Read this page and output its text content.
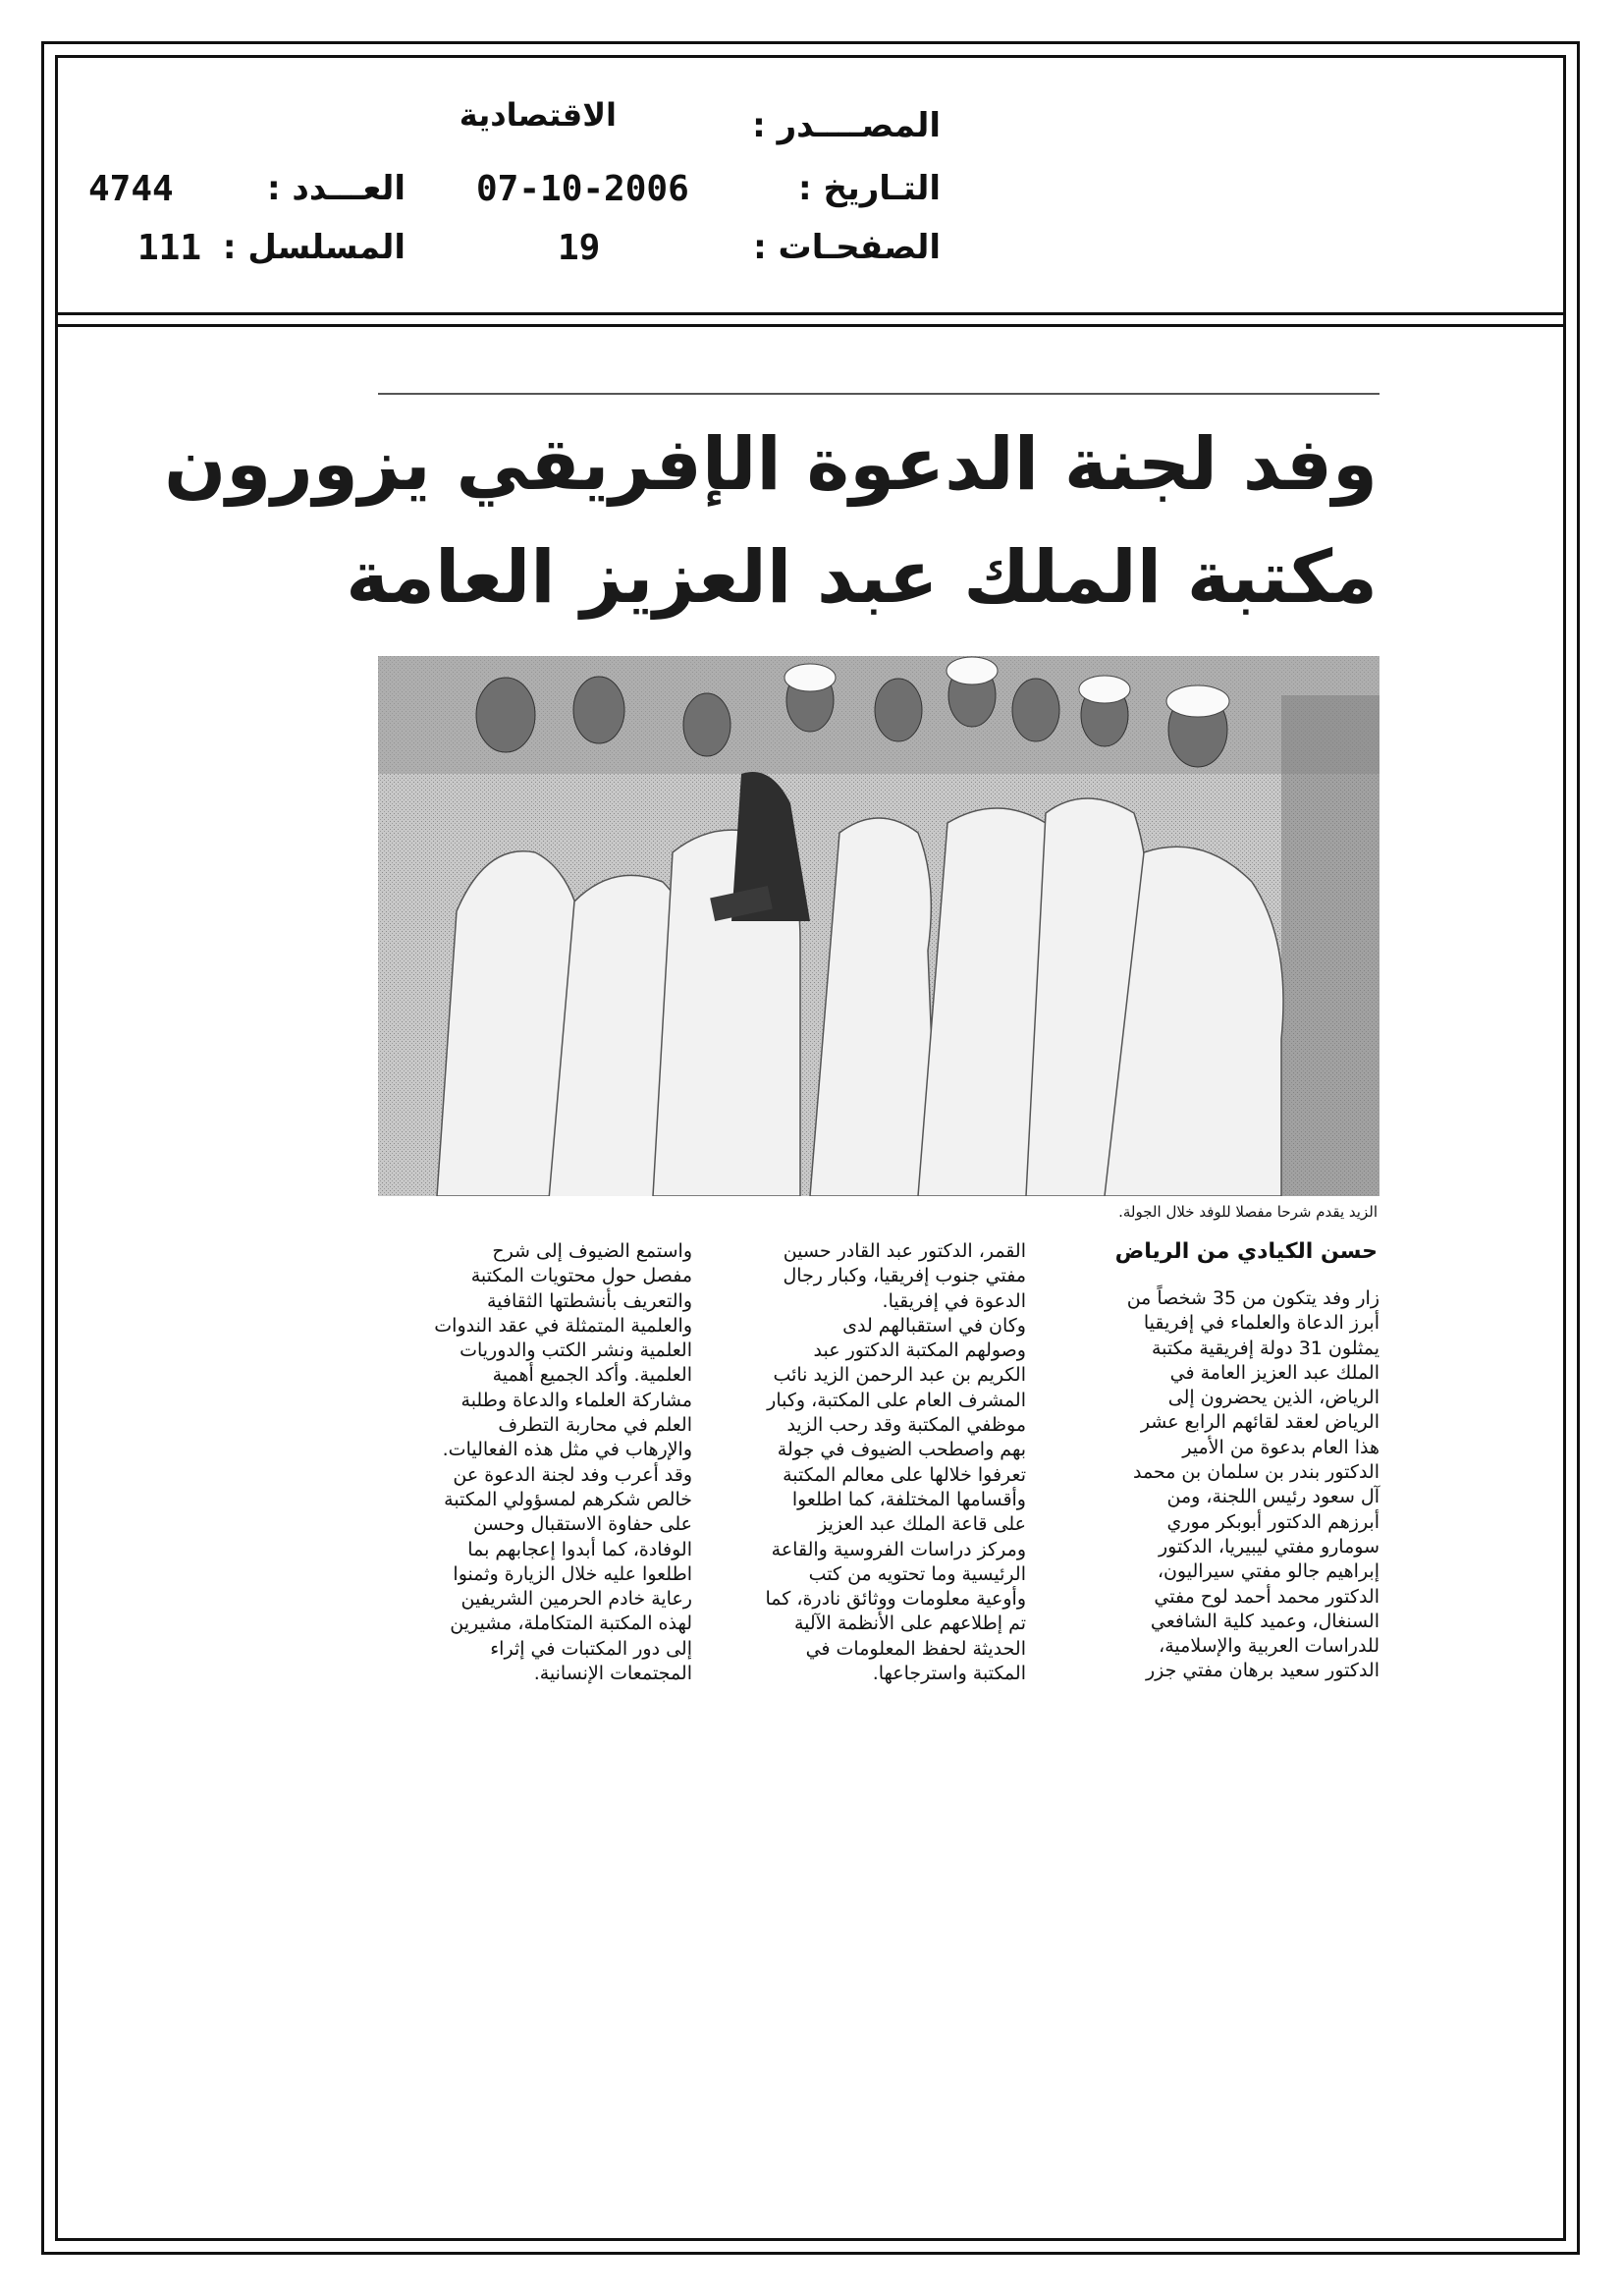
المصــــدر :
الاقتصادية
التـاريخ :
07-10-2006
العـــدد :
4744
الصفحـات :
19
المسلسل :
111
وفد لجنة الدعوة الإفريقي يزورون
مكتبة الملك عبد العزيز العامة
الزيد يقدم شرحا مفصلا للوفد خلال الجولة.
حسن الكيادي من الرياض

زار وفد يتكون من 35 شخصاً من
أبرز الدعاة والعلماء في إفريقيا
يمثلون 31 دولة إفريقية مكتبة
الملك عبد العزيز العامة في
الرياض، الذين يحضرون إلى
الرياض لعقد لقائهم الرابع عشر
هذا العام بدعوة من الأمير
الدكتور بندر بن سلمان بن محمد
آل سعود رئيس اللجنة، ومن
أبرزهم الدكتور أبوبكر موري
سومارو مفتي ليبيريا، الدكتور
إبراهيم جالو مفتي سيراليون،
الدكتور محمد أحمد لوح مفتي
السنغال، وعميد كلية الشافعي
للدراسات العربية والإسلامية،
الدكتور سعيد برهان مفتي جزر

القمر، الدكتور عبد القادر حسين
مفتي جنوب إفريقيا، وكبار رجال
الدعوة في إفريقيا.
وكان في استقبالهم لدى
وصولهم المكتبة الدكتور عبد
الكريم بن عبد الرحمن الزيد نائب
المشرف العام على المكتبة، وكبار
موظفي المكتبة وقد رحب الزيد
بهم واصطحب الضيوف في جولة
تعرفوا خلالها على معالم المكتبة
وأقسامها المختلفة، كما اطلعوا
على قاعة الملك عبد العزيز
ومركز دراسات الفروسية والقاعة
الرئيسية وما تحتويه من كتب
وأوعية معلومات ووثائق نادرة، كما
تم إطلاعهم على الأنظمة الآلية
الحديثة لحفظ المعلومات في
المكتبة واسترجاعها.

واستمع الضيوف إلى شرح
مفصل حول محتويات المكتبة
والتعريف بأنشطتها الثقافية
والعلمية المتمثلة في عقد الندوات
العلمية ونشر الكتب والدوريات
العلمية. وأكد الجميع أهمية
مشاركة العلماء والدعاة وطلبة
العلم في محاربة التطرف
والإرهاب في مثل هذه الفعاليات.
وقد أعرب وفد لجنة الدعوة عن
خالص شكرهم لمسؤولي المكتبة
على حفاوة الاستقبال وحسن
الوفادة، كما أبدوا إعجابهم بما
اطلعوا عليه خلال الزيارة وثمنوا
رعاية خادم الحرمين الشريفين
لهذه المكتبة المتكاملة، مشيرين
إلى دور المكتبات في إثراء
المجتمعات الإنسانية.
